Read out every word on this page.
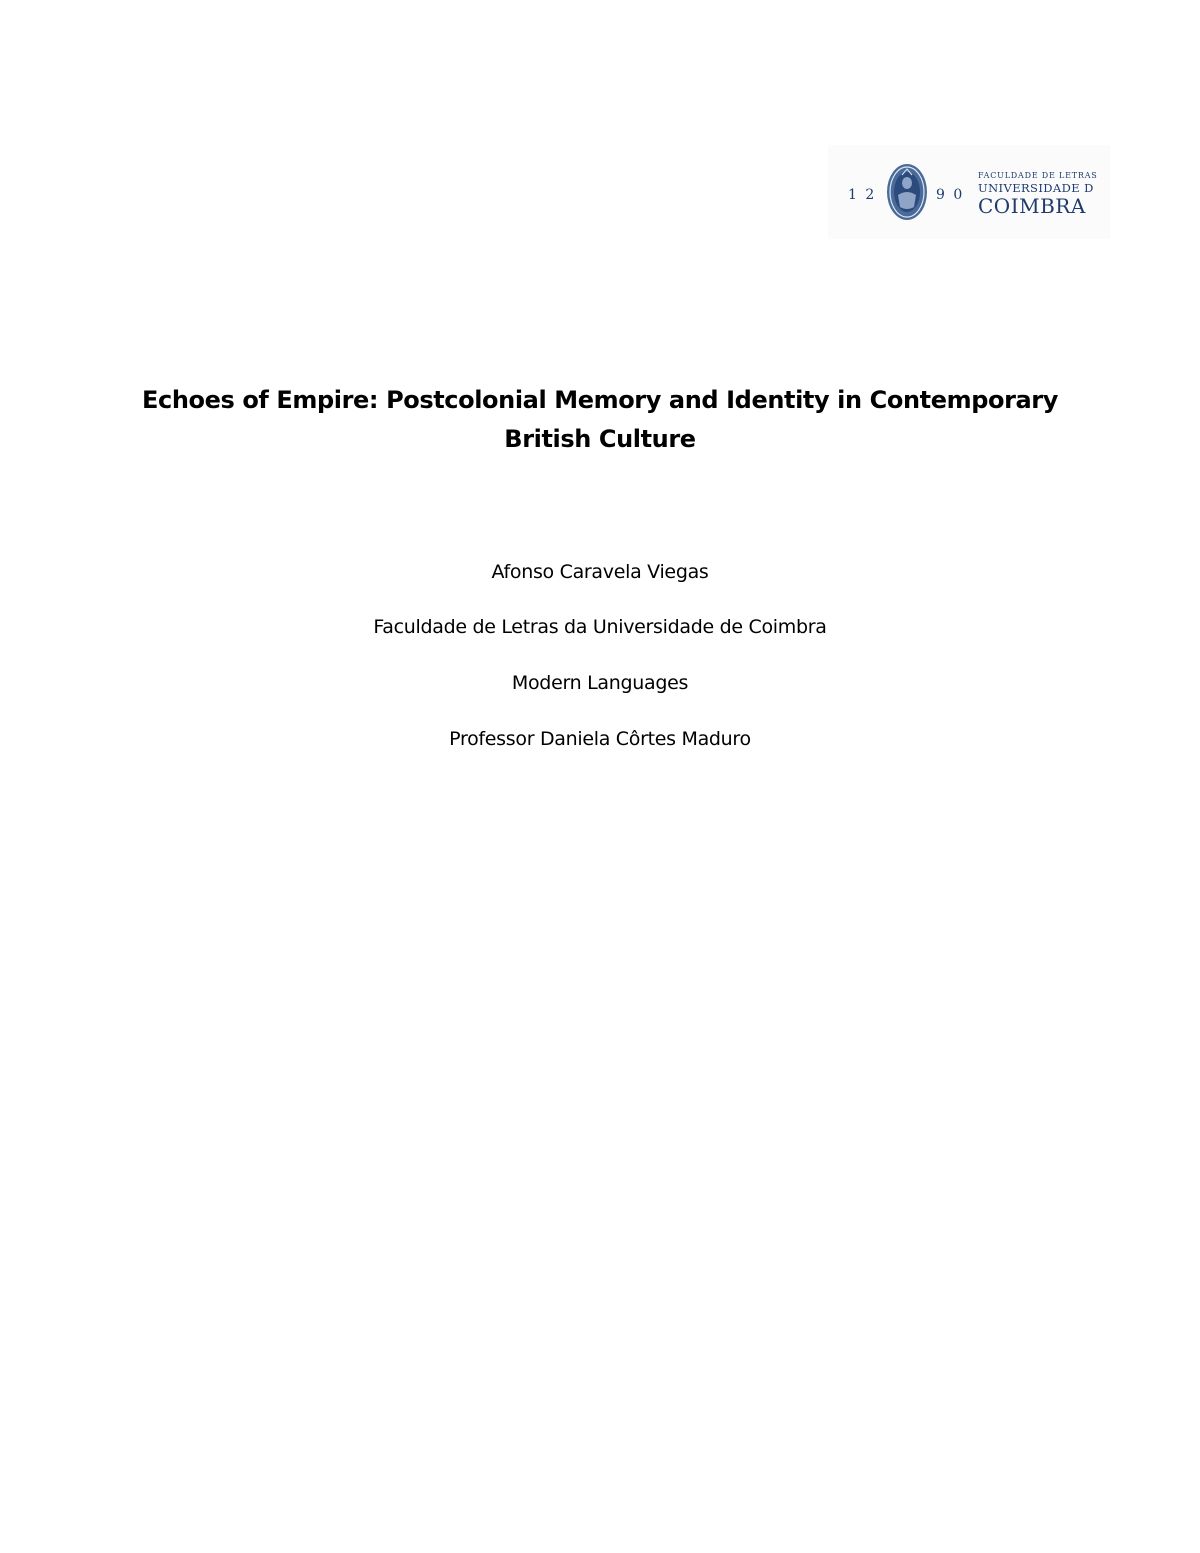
1 2	9 0
FACULDADE DE LETRAS
UNIVERSIDADE D
COIMBRA
Echoes of Empire: Postcolonial Memory and Identity in Contemporary British Culture

Afonso Caravela Viegas

Faculdade de Letras da Universidade de Coimbra

Modern Languages

Professor Daniela Côrtes Maduro
